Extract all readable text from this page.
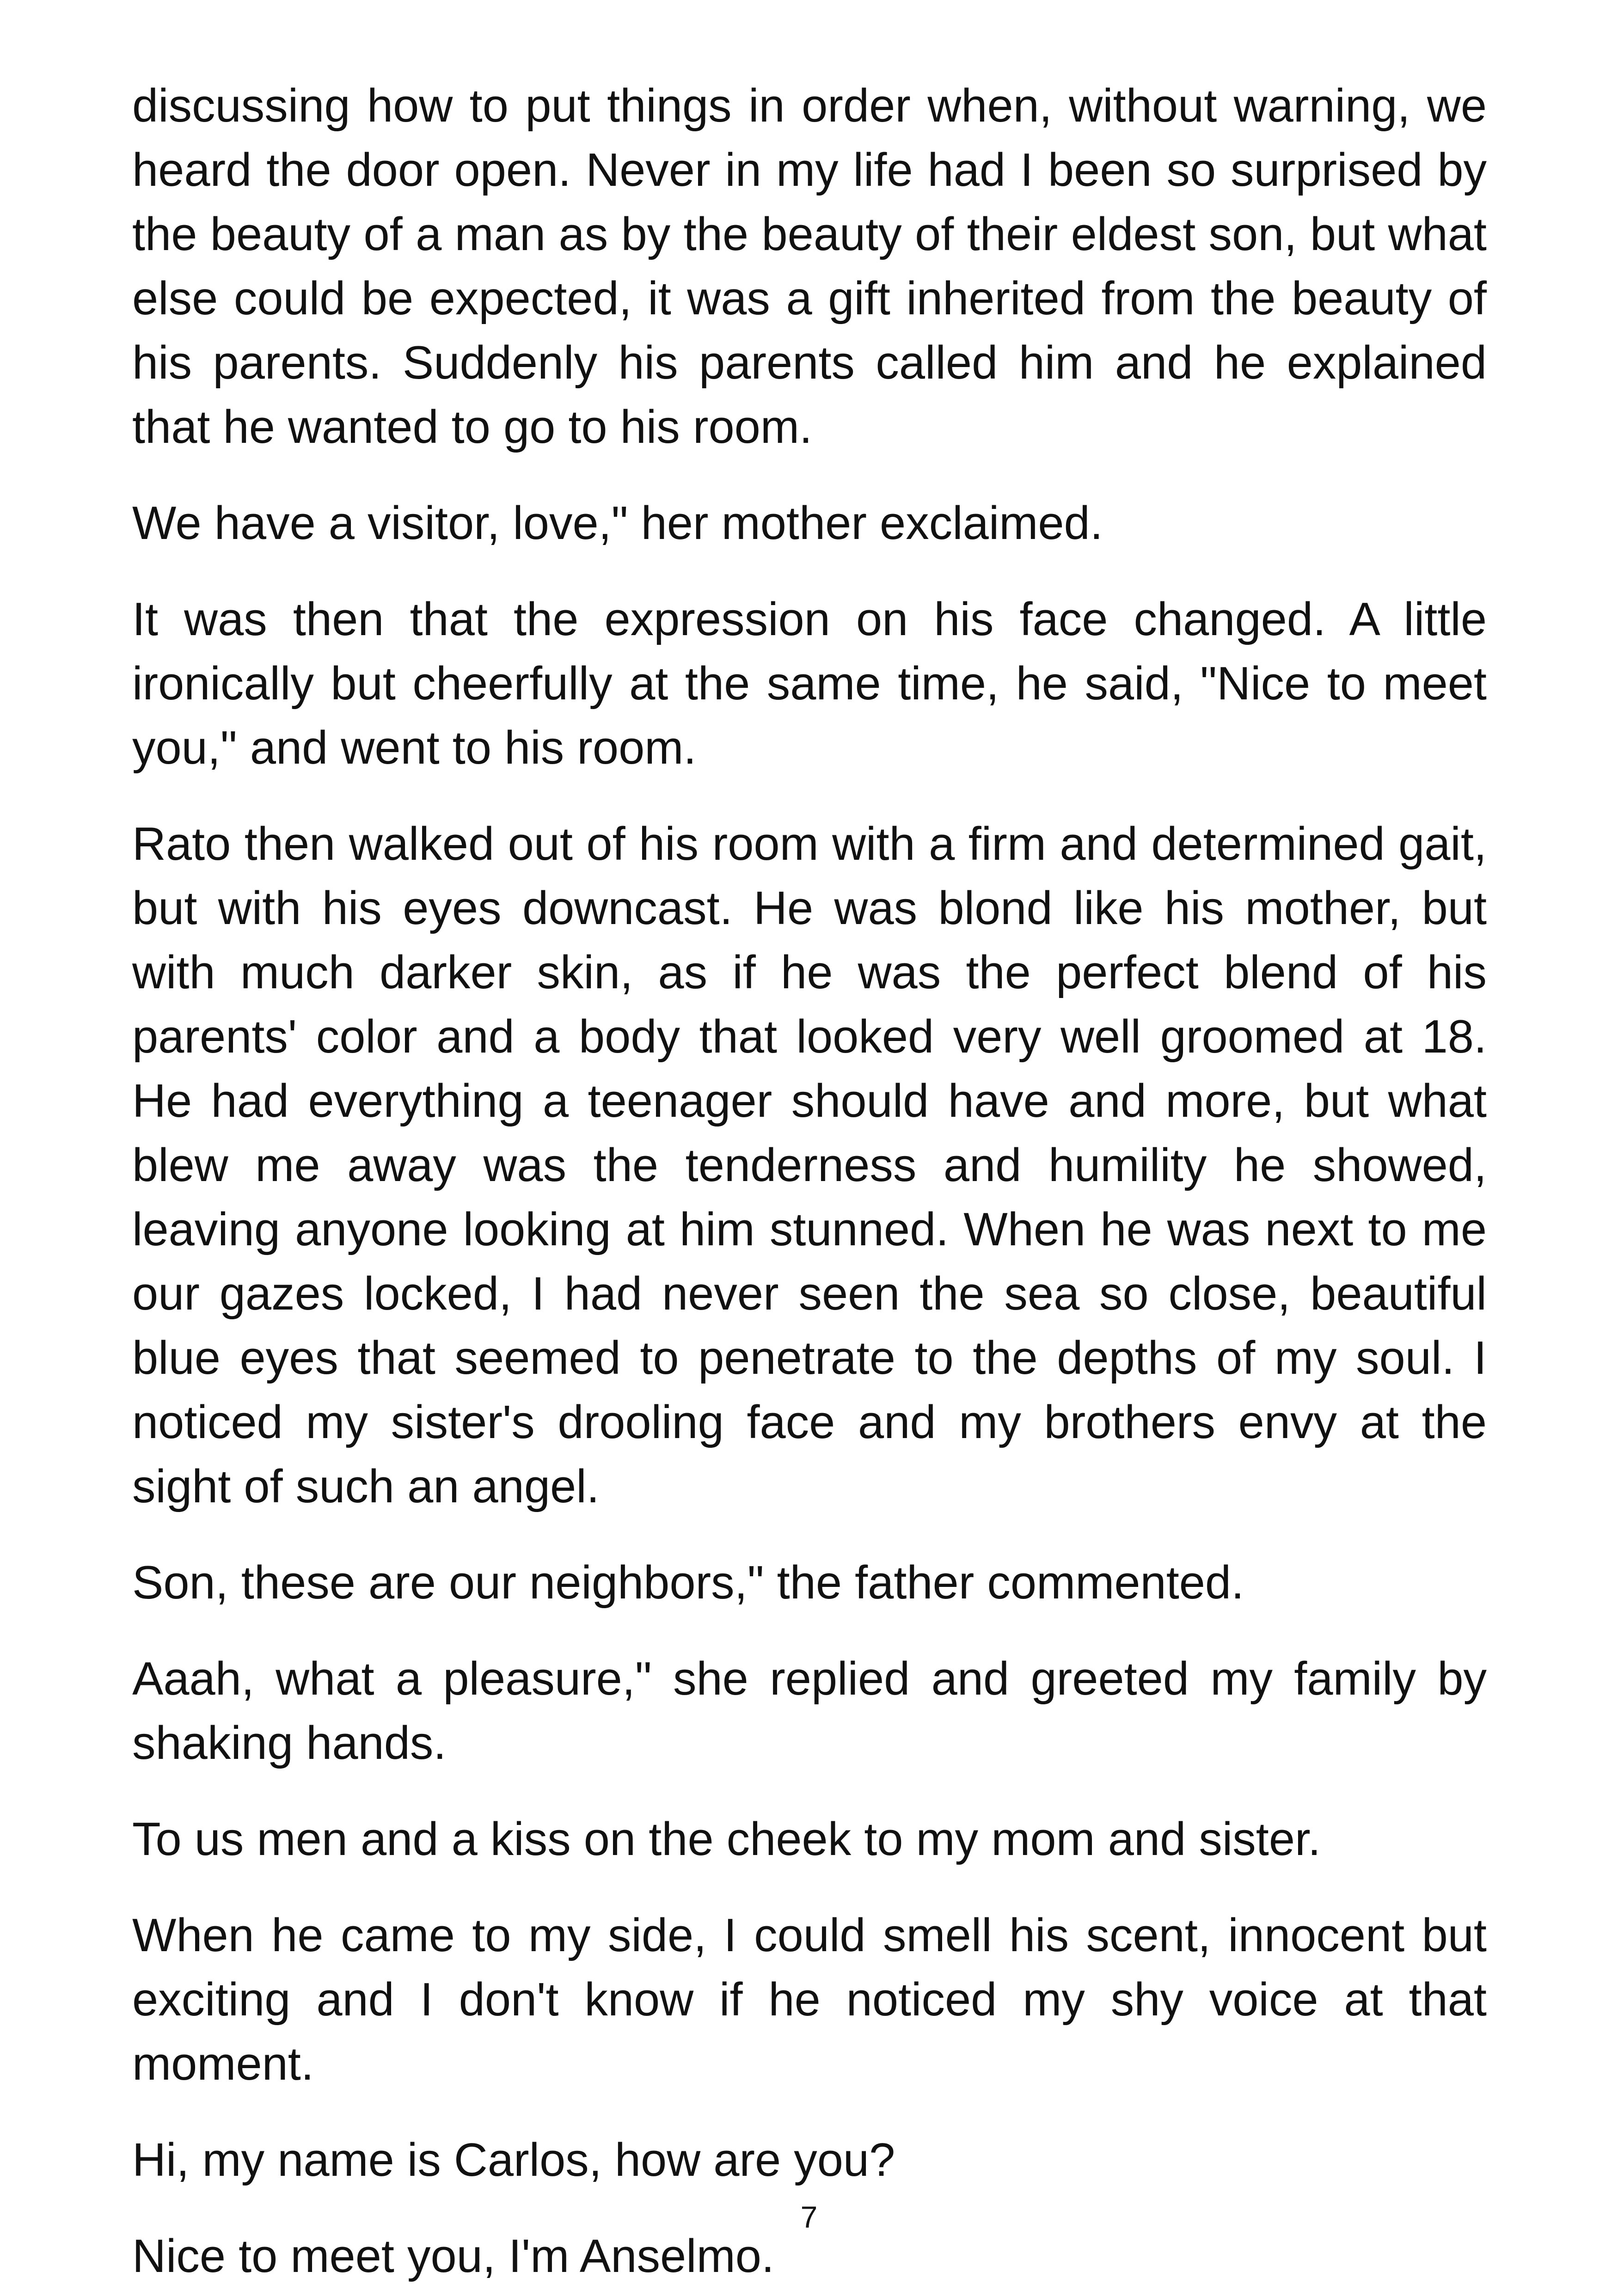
discussing how to put things in order when, without warning, we heard the door open. Never in my life had I been so surprised by the beauty of a man as by the beauty of their eldest son, but what else could be expected, it was a gift inherited from the beauty of his parents. Suddenly his parents called him and he explained that he wanted to go to his room.

We have a visitor, love," her mother exclaimed.

It was then that the expression on his face changed. A little ironically but cheerfully at the same time, he said, "Nice to meet you," and went to his room.

Rato then walked out of his room with a firm and determined gait, but with his eyes downcast. He was blond like his mother, but with much darker skin, as if he was the perfect blend of his parents' color and a body that looked very well groomed at 18. He had everything a teenager should have and more, but what blew me away was the tenderness and humility he showed, leaving anyone looking at him stunned. When he was next to me our gazes locked, I had never seen the sea so close, beautiful blue eyes that seemed to penetrate to the depths of my soul. I noticed my sister's drooling face and my brothers envy at the sight of such an angel.

Son, these are our neighbors," the father commented.

Aaah, what a pleasure," she replied and greeted my family by shaking hands.

To us men and a kiss on the cheek to my mom and sister.

When he came to my side, I could smell his scent, innocent but exciting and I don't know if he noticed my shy voice at that moment.

Hi, my name is Carlos, how are you?

Nice to meet you, I'm Anselmo.

7
